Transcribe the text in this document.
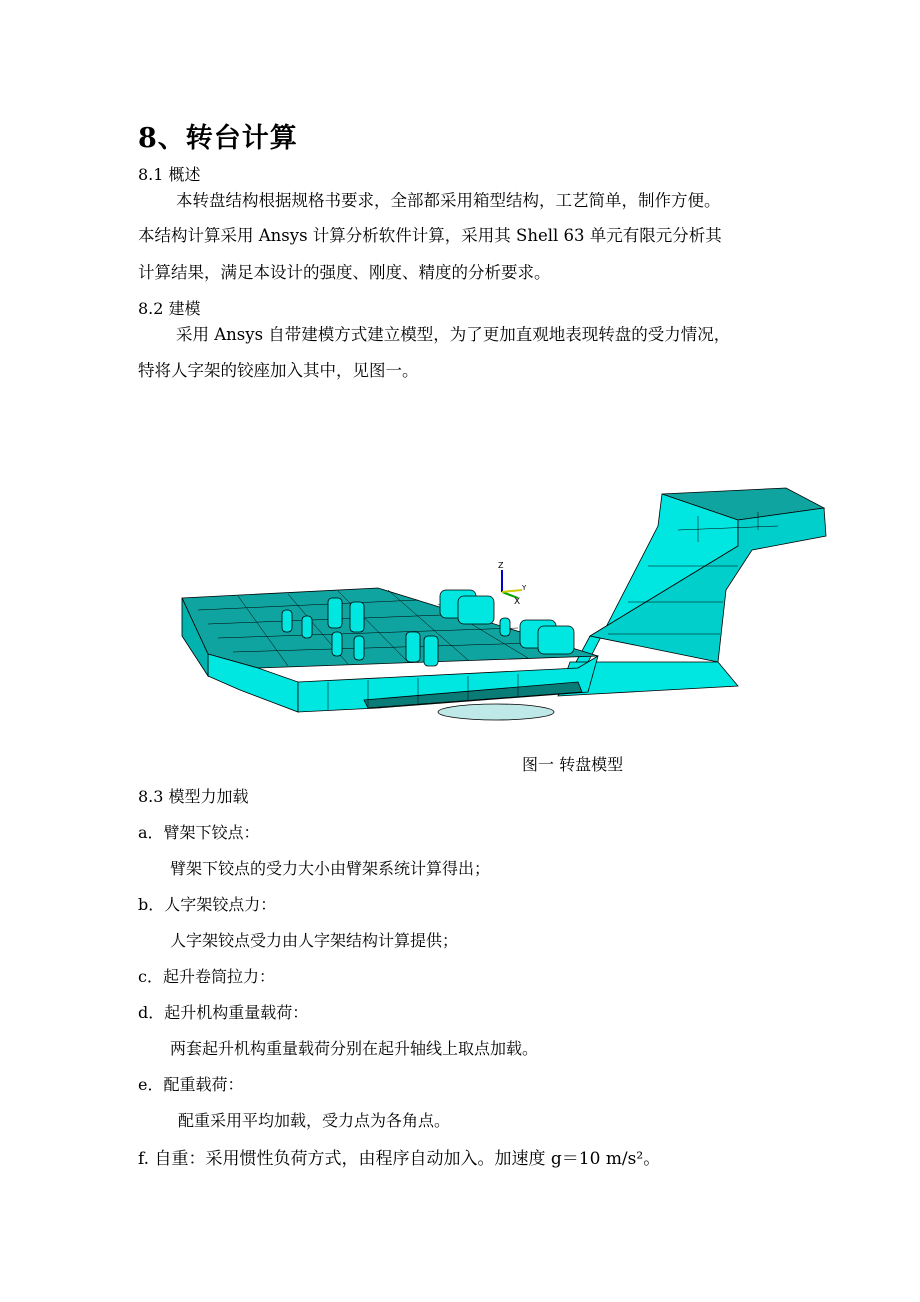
8、转台计算
8.1 概述
本转盘结构根据规格书要求，全部都采用箱型结构，工艺简单，制作方便。
本结构计算采用 Ansys 计算分析软件计算，采用其 Shell 63 单元有限元分析其
计算结果，满足本设计的强度、刚度、精度的分析要求。
8.2 建模
采用 Ansys 自带建模方式建立模型，为了更加直观地表现转盘的受力情况，
特将人字架的铰座加入其中，见图一。
Z
X
Y
图一 转盘模型
8.3 模型力加载
a．臂架下铰点：
臂架下铰点的受力大小由臂架系统计算得出；
b．人字架铰点力：
人字架铰点受力由人字架结构计算提供；
c．起升卷筒拉力：
d．起升机构重量载荷：
两套起升机构重量载荷分别在起升轴线上取点加载。
e．配重载荷：
配重采用平均加载，受力点为各角点。
f. 自重：采用惯性负荷方式，由程序自动加入。加速度 g＝10 m/s²。
